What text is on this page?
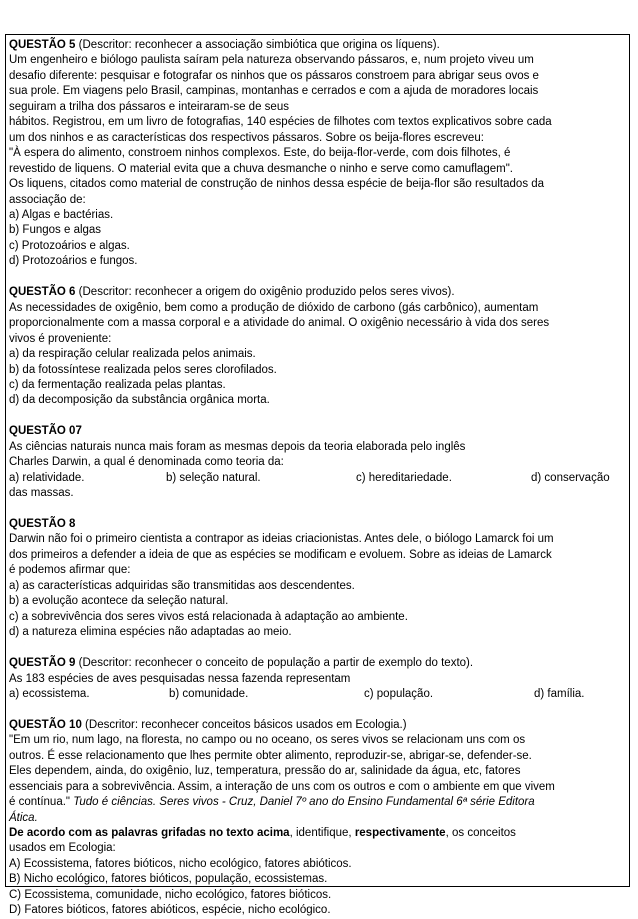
QUESTÃO 5 (Descritor: reconhecer a associação simbiótica que origina os líquens).

Um engenheiro e biólogo paulista saíram pela natureza observando pássaros, e, num projeto viveu um

desafio diferente: pesquisar e fotografar os ninhos que os pássaros constroem para abrigar seus ovos e

sua prole. Em viagens pelo Brasil, campinas, montanhas e cerrados e com a ajuda de moradores locais

seguiram a trilha dos pássaros e inteiraram-se de seus

hábitos. Registrou, em um livro de fotografias, 140 espécies de filhotes com textos explicativos sobre cada

um dos ninhos e as características dos respectivos pássaros. Sobre os beija-flores escreveu:

"À espera do alimento, constroem ninhos complexos. Este, do beija-flor-verde, com dois filhotes, é

revestido de liquens. O material evita que a chuva desmanche o ninho e serve como camuflagem".

Os liquens, citados como material de construção de ninhos dessa espécie de beija-flor são resultados da

associação de:

a) Algas e bactérias.

b) Fungos e algas

c) Protozoários e algas.

d) Protozoários e fungos.

QUESTÃO 6 (Descritor: reconhecer a origem do oxigênio produzido pelos seres vivos).

As necessidades de oxigênio, bem como a produção de dióxido de carbono (gás carbônico), aumentam

proporcionalmente com a massa corporal e a atividade do animal. O oxigênio necessário à vida dos seres

vivos é proveniente:

a) da respiração celular realizada pelos animais.

b) da fotossíntese realizada pelos seres clorofilados.

c) da fermentação realizada pelas plantas.

d) da decomposição da substância orgânica morta.

QUESTÃO 07

As ciências naturais nunca mais foram as mesmas depois da teoria elaborada pelo inglês

Charles Darwin, a qual é denominada como teoria da:

a) relatividade.	b) seleção natural.	c) hereditariedade.	d) conservação

das massas.

QUESTÃO 8

Darwin não foi o primeiro cientista a contrapor as ideias criacionistas. Antes dele, o biólogo Lamarck foi um

dos primeiros a defender a ideia de que as espécies se modificam e evoluem. Sobre as ideias de Lamarck

é podemos afirmar que:

a) as características adquiridas são transmitidas aos descendentes.

b) a evolução acontece da seleção natural.

c) a sobrevivência dos seres vivos está relacionada à adaptação ao ambiente.

d) a natureza elimina espécies não adaptadas ao meio.

QUESTÃO 9 (Descritor: reconhecer o conceito de população a partir de exemplo do texto).

As 183 espécies de aves pesquisadas nessa fazenda representam

a) ecossistema.	b) comunidade.	c) população.	d) família.

QUESTÃO 10 (Descritor: reconhecer conceitos básicos usados em Ecologia.)

"Em um rio, num lago, na floresta, no campo ou no oceano, os seres vivos se relacionam uns com os

outros. É esse relacionamento que lhes permite obter alimento, reproduzir-se, abrigar-se, defender-se.

Eles dependem, ainda, do oxigênio, luz, temperatura, pressão do ar, salinidade da água, etc, fatores

essenciais para a sobrevivência. Assim, a interação de uns com os outros e com o ambiente em que vivem

é contínua." Tudo é ciências. Seres vivos - Cruz, Daniel 7º ano do Ensino Fundamental 6ª série Editora

Ática.

De acordo com as palavras grifadas no texto acima, identifique, respectivamente, os conceitos

usados em Ecologia:

A) Ecossistema, fatores bióticos, nicho ecológico, fatores abióticos.

B) Nicho ecológico, fatores bióticos, população, ecossistemas.

C) Ecossistema, comunidade, nicho ecológico, fatores bióticos.

D) Fatores bióticos, fatores abióticos, espécie, nicho ecológico.
